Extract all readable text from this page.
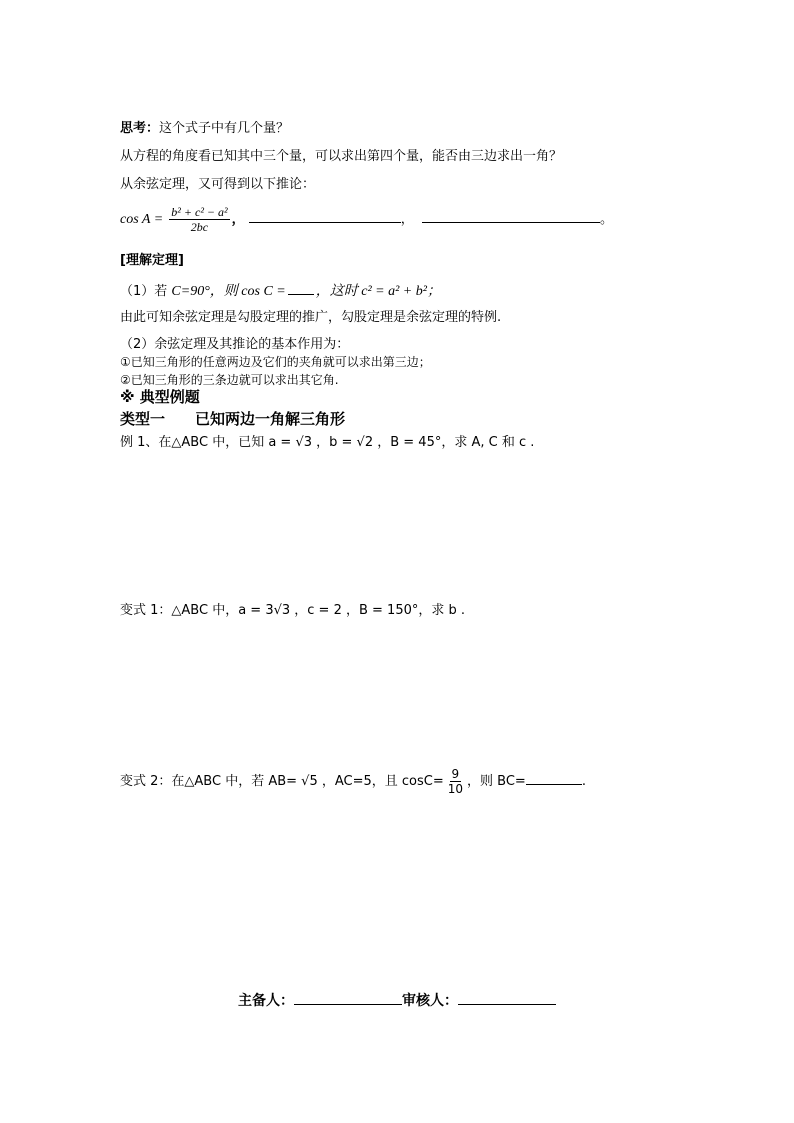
思考：这个式子中有几个量？
从方程的角度看已知其中三个量，可以求出第四个量，能否由三边求出一角？
从余弦定理，又可得到以下推论：
$\cos A = \frac{\text{b² + c² − a²}}{2bc}$ ，	，	。
[理解定理]
（1）若 C=90°，则 cos C = ，这时 c² = a² + b²；
由此可知余弦定理是勾股定理的推广，勾股定理是余弦定理的特例.
（2）余弦定理及其推论的基本作用为：
①已知三角形的任意两边及它们的夹角就可以求出第三边；
②已知三角形的三条边就可以求出其它角.
※ 典型例题
类型一　　已知两边一角解三角形
例 1、在△ABC 中，已知 a = √3 ，b = √2 ，B = 45°，求 A, C 和 c .
变式 1：△ABC 中，a = 3√3 ，c = 2 ，B = 150°，求 b .
变式 2：在△ABC 中，若 AB= √5 ，AC=5，且 $\cos C= \frac{9}{10}$ ，则 BC=	.
主备人：	审核人：
